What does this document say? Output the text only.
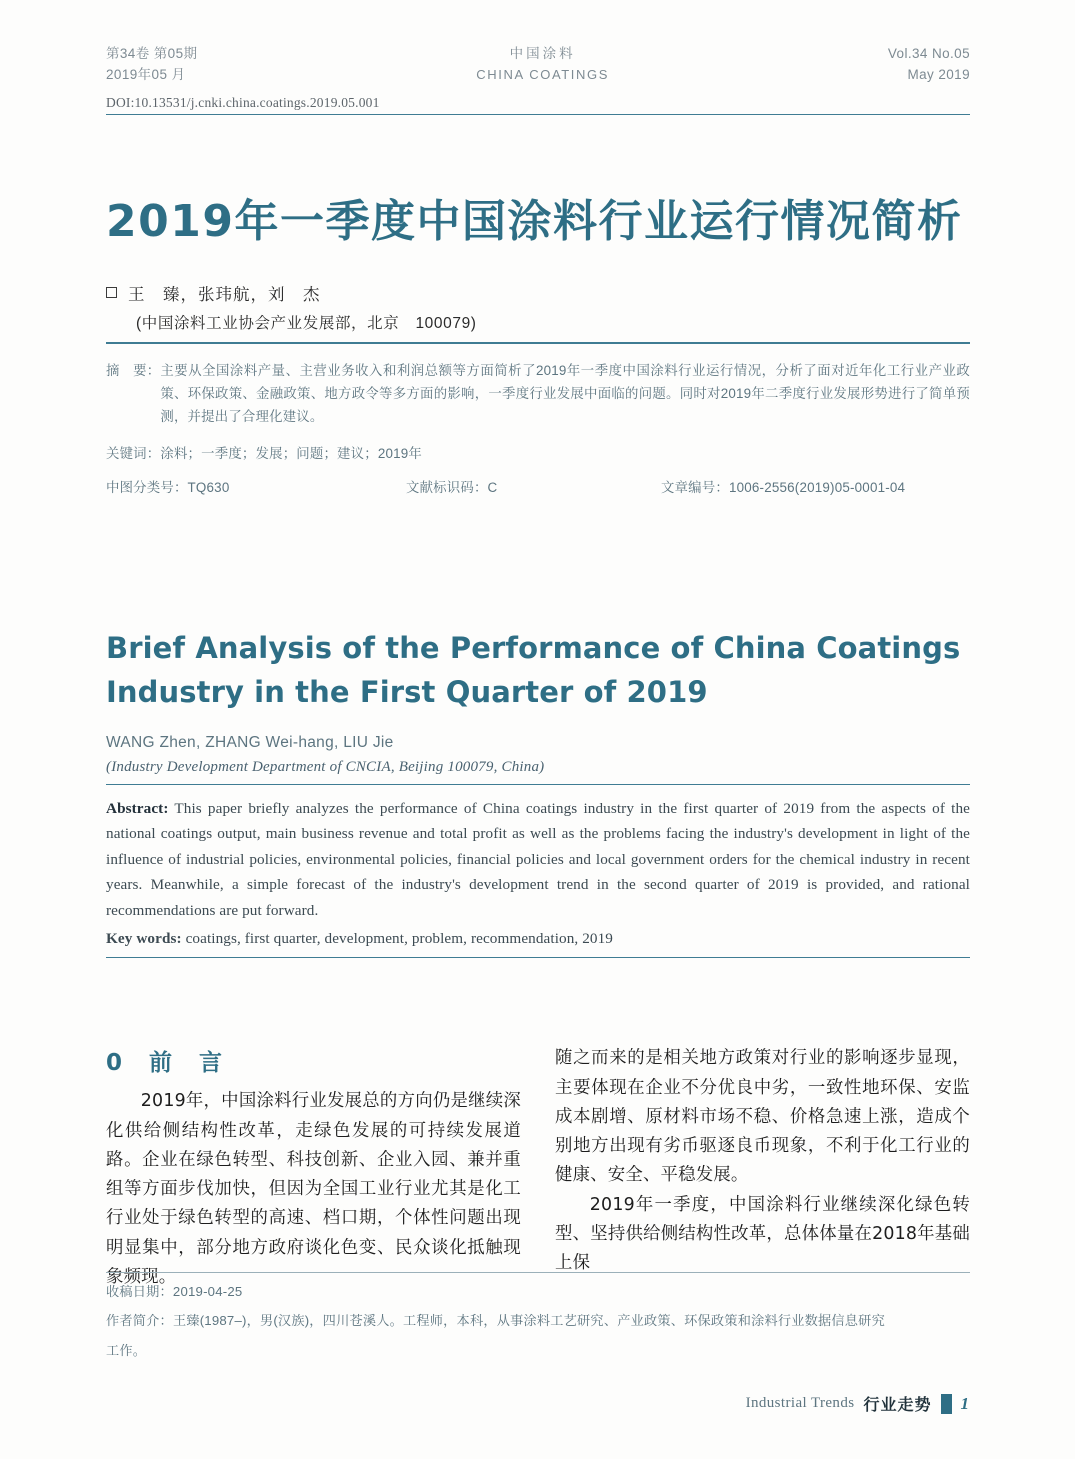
第34卷 第05期
2019年05 月
中国涂料
CHINA COATINGS
Vol.34 No.05
May 2019
DOI:10.13531/j.cnki.china.coatings.2019.05.001
2019年一季度中国涂料行业运行情况简析
王　臻，张玮航，刘　杰
(中国涂料工业协会产业发展部，北京　100079)
摘　要： 主要从全国涂料产量、主营业务收入和利润总额等方面简析了2019年一季度中国涂料行业运行情况，分析了面对近年化工行业产业政策、环保政策、金融政策、地方政令等多方面的影响，一季度行业发展中面临的问题。同时对2019年二季度行业发展形势进行了简单预测，并提出了合理化建议。
关键词： 涂料；一季度；发展；问题；建议；2019年
中图分类号：TQ630	文献标识码：C	文章编号：1006-2556(2019)05-0001-04
Brief Analysis of the Performance of China Coatings Industry in the First Quarter of 2019
WANG Zhen, ZHANG Wei-hang, LIU Jie
(Industry Development Department of CNCIA, Beijing 100079, China)
Abstract: This paper briefly analyzes the performance of China coatings industry in the first quarter of 2019 from the aspects of the national coatings output, main business revenue and total profit as well as the problems facing the industry's development in light of the influence of industrial policies, environmental policies, financial policies and local government orders for the chemical industry in recent years. Meanwhile, a simple forecast of the industry's development trend in the second quarter of 2019 is provided, and rational recommendations are put forward.
Key words: coatings, first quarter, development, problem, recommendation, 2019
0　 前　言
2019年，中国涂料行业发展总的方向仍是继续深化供给侧结构性改革，走绿色发展的可持续发展道路。企业在绿色转型、科技创新、企业入园、兼并重组等方面步伐加快，但因为全国工业行业尤其是化工行业处于绿色转型的高速、档口期，个体性问题出现明显集中，部分地方政府谈化色变、民众谈化抵触现象频现。
随之而来的是相关地方政策对行业的影响逐步显现，主要体现在企业不分优良中劣，一致性地环保、安监成本剧增、原材料市场不稳、价格急速上涨，造成个别地方出现有劣币驱逐良币现象，不利于化工行业的健康、安全、平稳发展。
2019年一季度，中国涂料行业继续深化绿色转型、坚持供给侧结构性改革，总体体量在2018年基础上保
收稿日期：2019-04-25
作者简介：王臻(1987–)，男(汉族)，四川苍溪人。工程师，本科，从事涂料工艺研究、产业政策、环保政策和涂料行业数据信息研究
工作。
Industrial Trends 行业走势 1
